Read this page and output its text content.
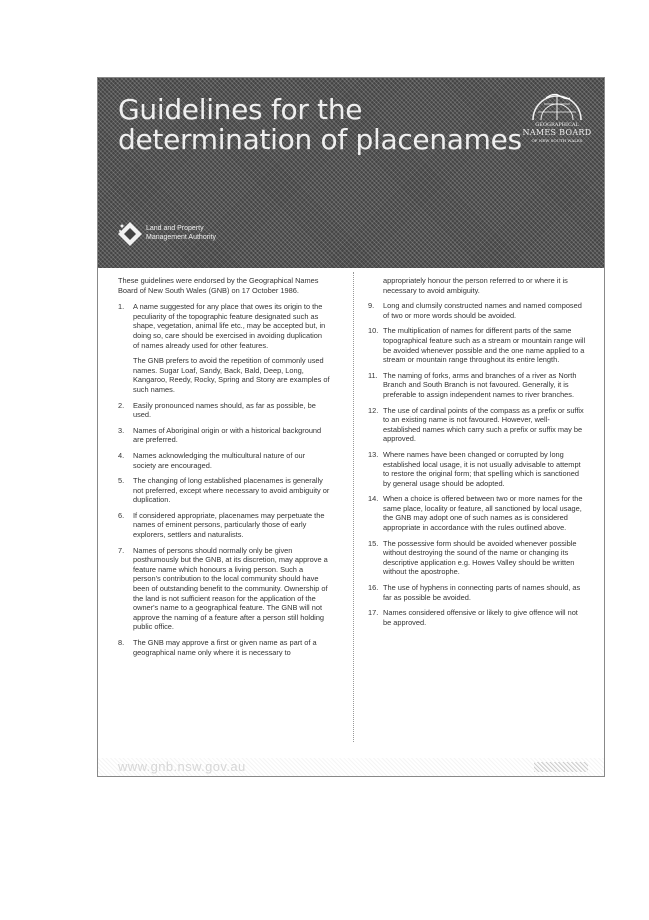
Guidelines for the
determination of placenames	GEOGRAPHICAL
NAMES BOARD
OF NEW SOUTH WALES
Land and Property
Management Authority

These guidelines were endorsed by the Geographical Names Board of New South Wales (GNB) on 17 October 1986.

1.	A name suggested for any place that owes its origin to the peculiarity of the topographic feature designated such as shape, vegetation, animal life etc., may be accepted but, in doing so, care should be exercised in avoiding duplication of names already used for other features.
The GNB prefers to avoid the repetition of commonly used names. Sugar Loaf, Sandy, Back, Bald, Deep, Long, Kangaroo, Reedy, Rocky, Spring and Stony are examples of such names.
2.	Easily pronounced names should, as far as possible, be used.
3.	Names of Aboriginal origin or with a historical background are preferred.
4.	Names acknowledging the multicultural nature of our society are encouraged.
5.	The changing of long established placenames is generally not preferred, except where necessary to avoid ambiguity or duplication.
6.	If considered appropriate, placenames may perpetuate the names of eminent persons, particularly those of early explorers, settlers and naturalists.
7.	Names of persons should normally only be given posthumously but the GNB, at its discretion, may approve a feature name which honours a living person. Such a person's contribution to the local community should have been of outstanding benefit to the community. Ownership of the land is not sufficient reason for the application of the owner's name to a geographical feature. The GNB will not approve the naming of a feature after a person still holding public office.
8.	The GNB may approve a first or given name as part of a geographical name only where it is necessary to

appropriately honour the person referred to or where it is necessary to avoid ambiguity.

9.	Long and clumsily constructed names and named composed of two or more words should be avoided.
10. The multiplication of names for different parts of the same topographical feature such as a stream or mountain range will be avoided whenever possible and the one name applied to a stream or mountain range throughout its entire length.
11. The naming of forks, arms and branches of a river as North Branch and South Branch is not favoured. Generally, it is preferable to assign independent names to river branches.
12. The use of cardinal points of the compass as a prefix or suffix to an existing name is not favoured. However, well-established names which carry such a prefix or suffix may be approved.
13. Where names have been changed or corrupted by long established local usage, it is not usually advisable to attempt to restore the original form; that spelling which is sanctioned by general usage should be adopted.
14. When a choice is offered between two or more names for the same place, locality or feature, all sanctioned by local usage, the GNB may adopt one of such names as is considered appropriate in accordance with the rules outlined above.
15. The possessive form should be avoided whenever possible without destroying the sound of the name or changing its descriptive application e.g. Howes Valley should be written without the apostrophe.
16. The use of hyphens in connecting parts of names should, as far as possible be avoided.
17. Names considered offensive or likely to give offence will not be approved.
www.gnb.nsw.gov.au
